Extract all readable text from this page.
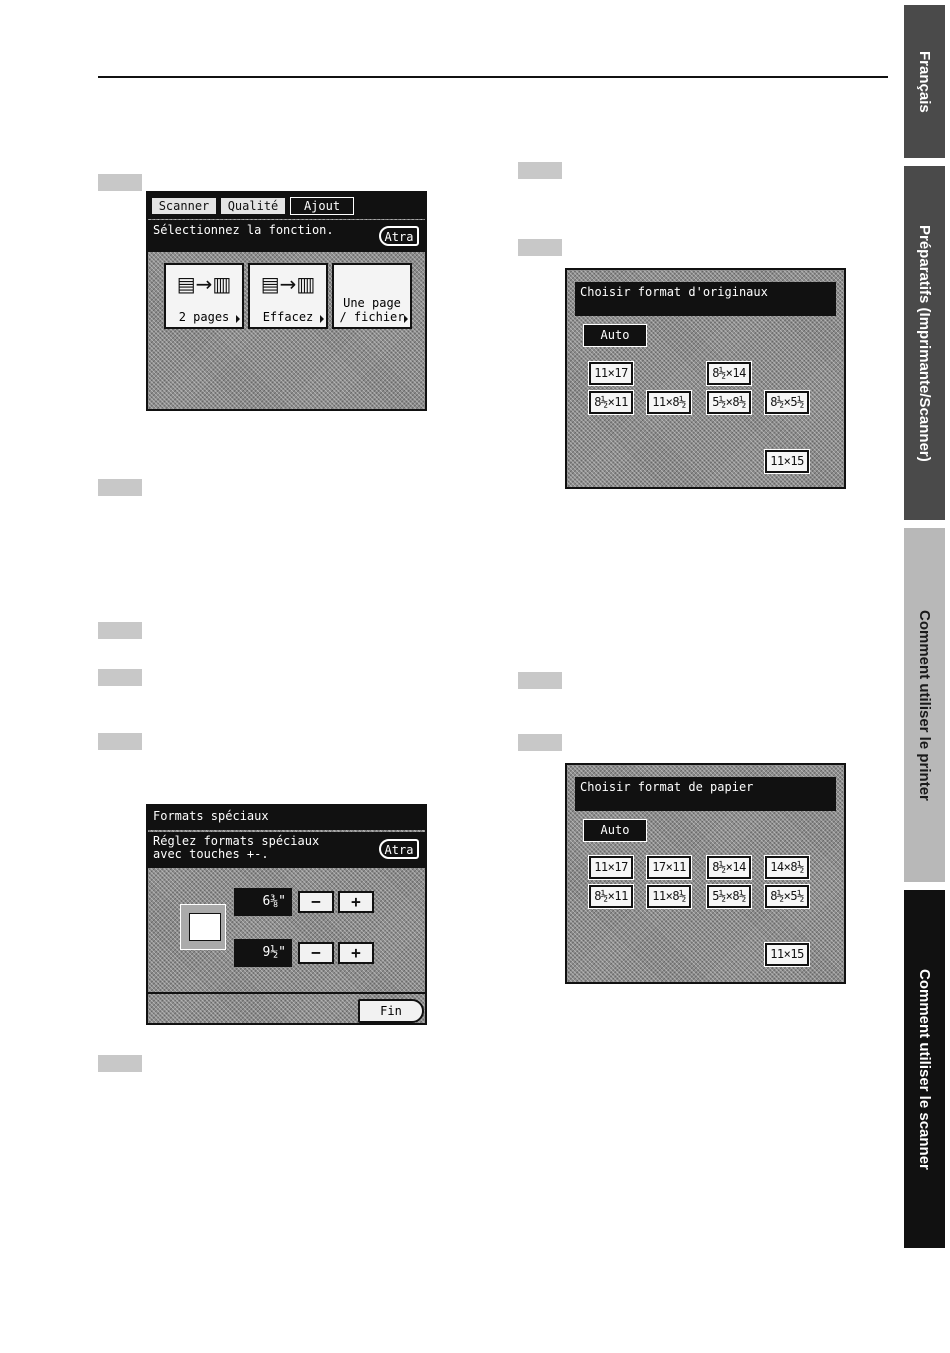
Français
Préparatifs (Imprimante/Scanner)
Comment utiliser le printer
Comment utiliser le scanner
Scanner	Qualité	Ajout
Sélectionnez la fonction.	Atra
▤→▥
2 pages
▤→▥
Effacez
Une page
/ fichier
Formats spéciaux
Réglez formats spéciaux
avec touches +-.	Atra
6⅜"	−	+
9½"	−	+
Fin
Choisir format d'originaux
Auto
11×17	8½×14
8½×11	11×8½	5½×8½	8½×5½
11×15
Choisir format de papier
Auto
11×17	17×11	8½×14	14×8½
8½×11	11×8½	5½×8½	8½×5½
11×15
